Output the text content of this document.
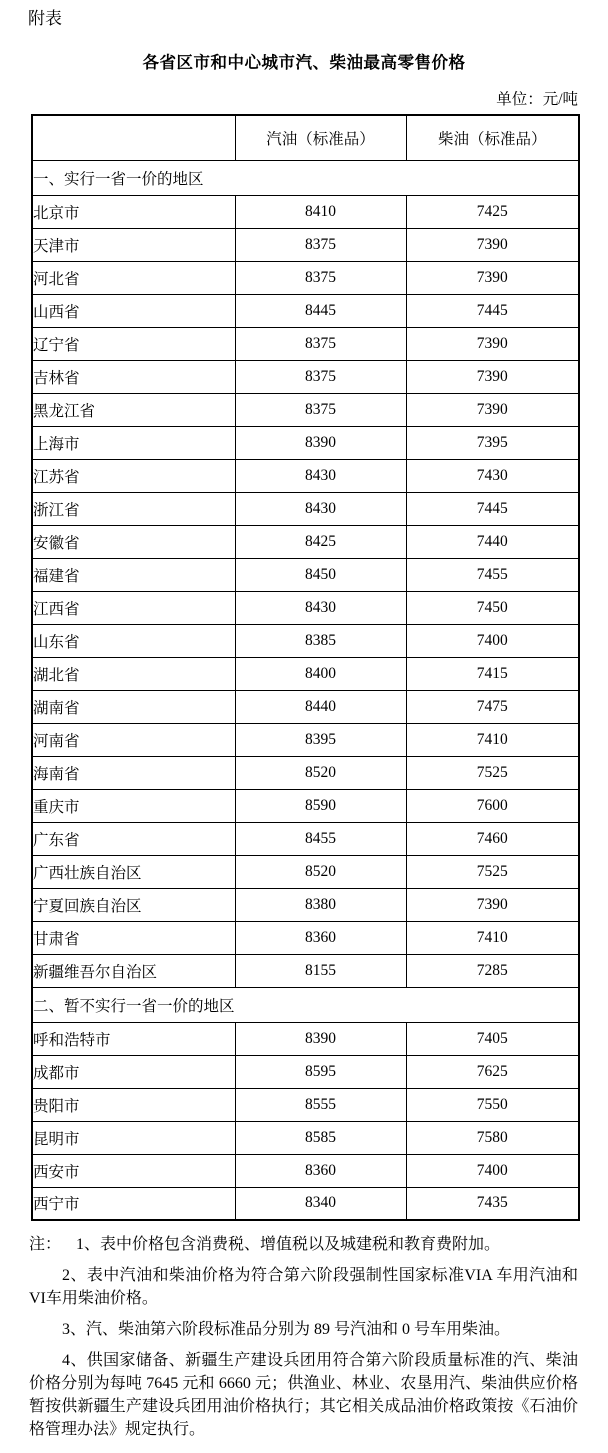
附表
各省区市和中心城市汽、柴油最高零售价格
单位：元/吨
	汽油（标准品）	柴油（标准品）
一、实行一省一价的地区		
北京市	8410	7425
天津市	8375	7390
河北省	8375	7390
山西省	8445	7445
辽宁省	8375	7390
吉林省	8375	7390
黑龙江省	8375	7390
上海市	8390	7395
江苏省	8430	7430
浙江省	8430	7445
安徽省	8425	7440
福建省	8450	7455
江西省	8430	7450
山东省	8385	7400
湖北省	8400	7415
湖南省	8440	7475
河南省	8395	7410
海南省	8520	7525
重庆市	8590	7600
广东省	8455	7460
广西壮族自治区	8520	7525
宁夏回族自治区	8380	7390
甘肃省	8360	7410
新疆维吾尔自治区	8155	7285
二、暂不实行一省一价的地区		
呼和浩特市	8390	7405
成都市	8595	7625
贵阳市	8555	7550
昆明市	8585	7580
西安市	8360	7400
西宁市	8340	7435

注： 1、表中价格包含消费税、增值税以及城建税和教育费附加。

2、表中汽油和柴油价格为符合第六阶段强制性国家标准VIA 车用汽油和VI车用柴油价格。

3、汽、柴油第六阶段标准品分别为 89 号汽油和 0 号车用柴油。

4、供国家储备、新疆生产建设兵团用符合第六阶段质量标准的汽、柴油价格分别为每吨 7645 元和 6660 元；供渔业、林业、农垦用汽、柴油供应价格暂按供新疆生产建设兵团用油价格执行；其它相关成品油价格政策按《石油价格管理办法》规定执行。
